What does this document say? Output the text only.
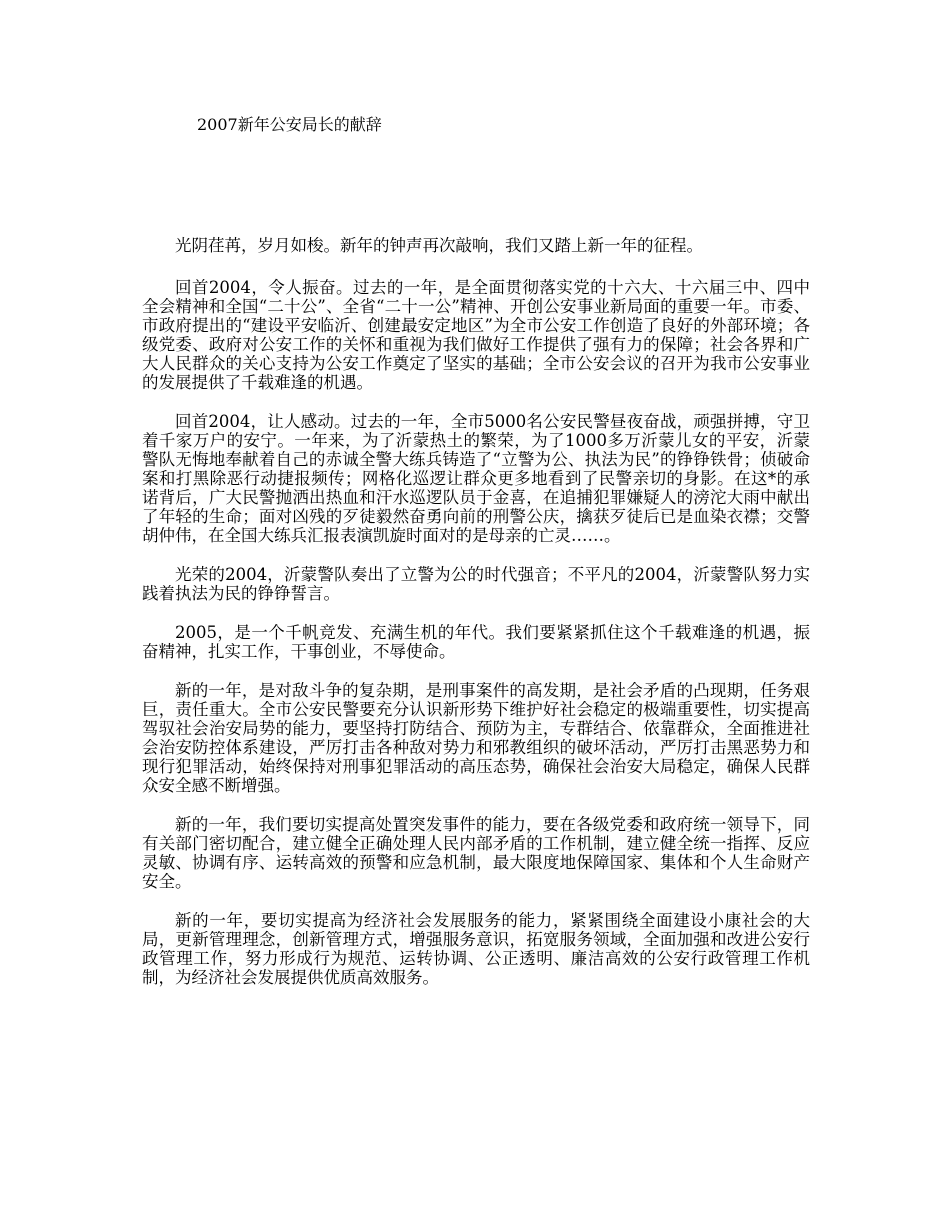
2007新年公安局长的献辞

光阴荏苒，岁月如梭。新年的钟声再次敲响，我们又踏上新一年的征程。

回首2004，令人振奋。过去的一年，是全面贯彻落实党的十六大、十六届三中、四中全会精神和全国“二十公”、全省“二十一公”精神、开创公安事业新局面的重要一年。市委、市政府提出的“建设平安临沂、创建最安定地区”为全市公安工作创造了良好的外部环境；各级党委、政府对公安工作的关怀和重视为我们做好工作提供了强有力的保障；社会各界和广大人民群众的关心支持为公安工作奠定了坚实的基础；全市公安会议的召开为我市公安事业的发展提供了千载难逢的机遇。

回首2004，让人感动。过去的一年，全市5000名公安民警昼夜奋战，顽强拼搏，守卫着千家万户的安宁。一年来，为了沂蒙热土的繁荣，为了1000多万沂蒙儿女的平安，沂蒙警队无悔地奉献着自己的赤诚全警大练兵铸造了“立警为公、执法为民”的铮铮铁骨；侦破命案和打黑除恶行动捷报频传；网格化巡逻让群众更多地看到了民警亲切的身影。在这*的承诺背后，广大民警抛洒出热血和汗水巡逻队员于金喜，在追捕犯罪嫌疑人的滂沱大雨中献出了年轻的生命；面对凶残的歹徒毅然奋勇向前的刑警公庆，擒获歹徒后已是血染衣襟；交警胡仲伟，在全国大练兵汇报表演凯旋时面对的是母亲的亡灵……。

光荣的2004，沂蒙警队奏出了立警为公的时代强音；不平凡的2004，沂蒙警队努力实践着执法为民的铮铮誓言。

2005，是一个千帆竞发、充满生机的年代。我们要紧紧抓住这个千载难逢的机遇，振奋精神，扎实工作，干事创业，不辱使命。

新的一年，是对敌斗争的复杂期，是刑事案件的高发期，是社会矛盾的凸现期，任务艰巨，责任重大。全市公安民警要充分认识新形势下维护好社会稳定的极端重要性，切实提高驾驭社会治安局势的能力，要坚持打防结合、预防为主，专群结合、依靠群众，全面推进社会治安防控体系建设，严厉打击各种敌对势力和邪教组织的破坏活动，严厉打击黑恶势力和现行犯罪活动，始终保持对刑事犯罪活动的高压态势，确保社会治安大局稳定，确保人民群众安全感不断增强。

新的一年，我们要切实提高处置突发事件的能力，要在各级党委和政府统一领导下，同有关部门密切配合，建立健全正确处理人民内部矛盾的工作机制，建立健全统一指挥、反应灵敏、协调有序、运转高效的预警和应急机制，最大限度地保障国家、集体和个人生命财产安全。

新的一年，要切实提高为经济社会发展服务的能力，紧紧围绕全面建设小康社会的大局，更新管理理念，创新管理方式，增强服务意识，拓宽服务领域，全面加强和改进公安行政管理工作，努力形成行为规范、运转协调、公正透明、廉洁高效的公安行政管理工作机制，为经济社会发展提供优质高效服务。
